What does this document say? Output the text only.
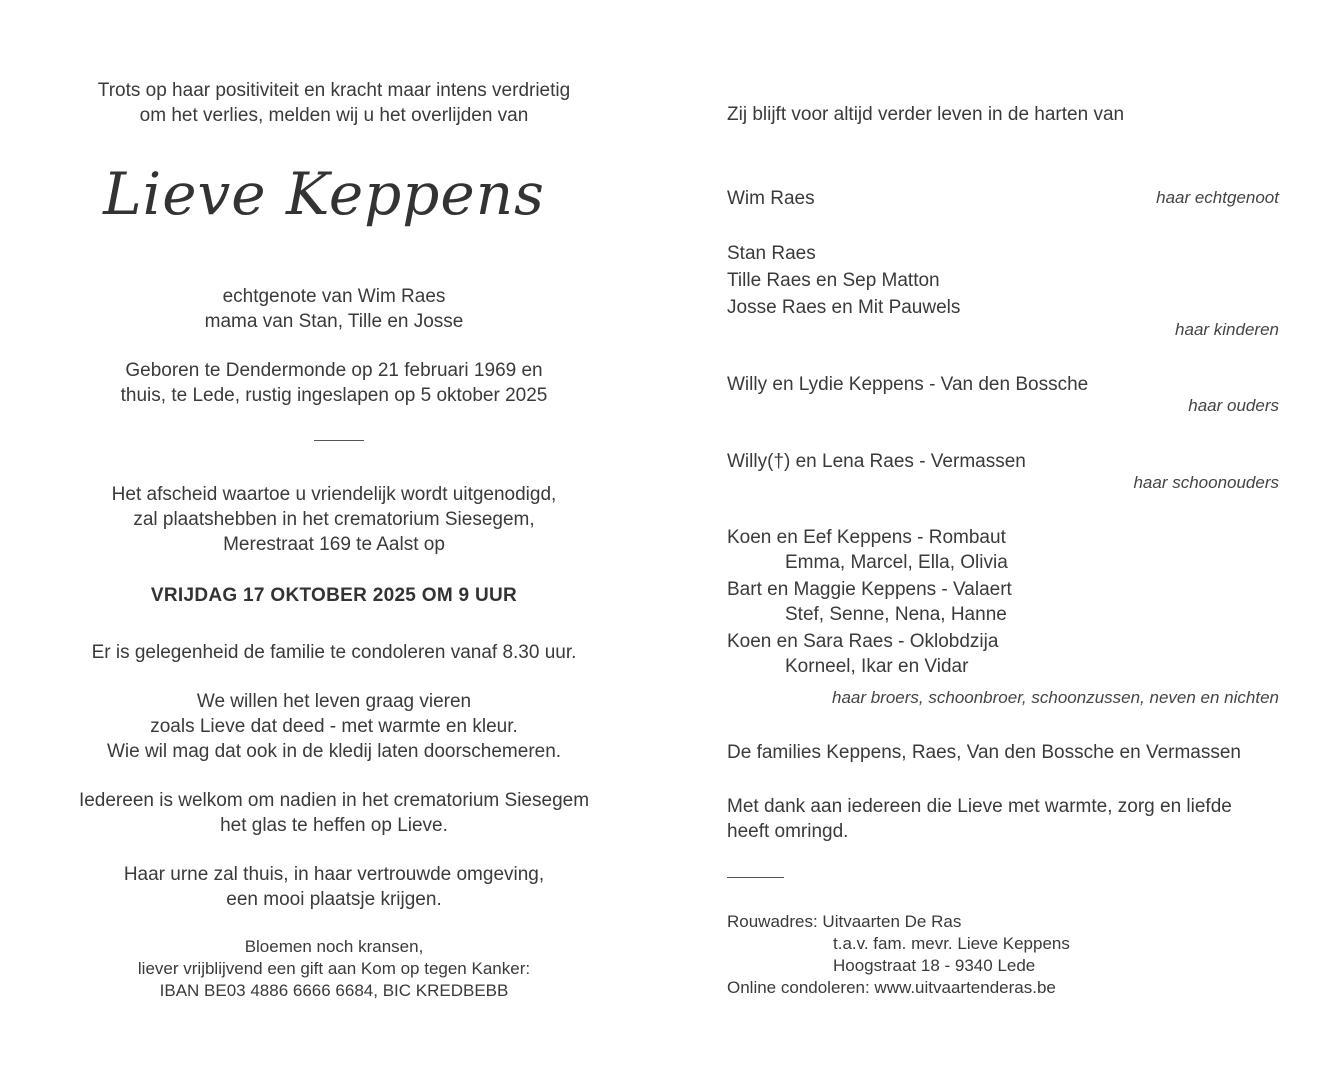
Trots op haar positiviteit en kracht maar intens verdrietig
om het verlies, melden wij u het overlijden van
Lieve Keppens
echtgenote van Wim Raes
mama van Stan, Tille en Josse
Geboren te Dendermonde op 21 februari 1969 en
thuis, te Lede, rustig ingeslapen op 5 oktober 2025
Het afscheid waartoe u vriendelijk wordt uitgenodigd,
zal plaatshebben in het crematorium Siesegem,
Merestraat 169 te Aalst op
VRIJDAG 17 OKTOBER 2025 OM 9 UUR
Er is gelegenheid de familie te condoleren vanaf 8.30 uur.
We willen het leven graag vieren
zoals Lieve dat deed - met warmte en kleur.
Wie wil mag dat ook in de kledij laten doorschemeren.
Iedereen is welkom om nadien in het crematorium Siesegem
het glas te heffen op Lieve.
Haar urne zal thuis, in haar vertrouwde omgeving,
een mooi plaatsje krijgen.
Bloemen noch kransen,
liever vrijblijvend een gift aan Kom op tegen Kanker:
IBAN BE03 4886 6666 6684, BIC KREDBEBB
Zij blijft voor altijd verder leven in de harten van
Wim Raes	haar echtgenoot
Stan Raes
Tille Raes en Sep Matton
Josse Raes en Mit Pauwels
haar kinderen
Willy en Lydie Keppens - Van den Bossche
haar ouders
Willy(†) en Lena Raes - Vermassen
haar schoonouders
Koen en Eef Keppens - Rombaut
Emma, Marcel, Ella, Olivia
Bart en Maggie Keppens - Valaert
Stef, Senne, Nena, Hanne
Koen en Sara Raes - Oklobdzija
Korneel, Ikar en Vidar
haar broers, schoonbroer, schoonzussen, neven en nichten
De families Keppens, Raes, Van den Bossche en Vermassen
Met dank aan iedereen die Lieve met warmte, zorg en liefde
heeft omringd.
Rouwadres: Uitvaarten De Ras
t.a.v. fam. mevr. Lieve Keppens
Hoogstraat 18 - 9340 Lede
Online condoleren: www.uitvaartenderas.be
